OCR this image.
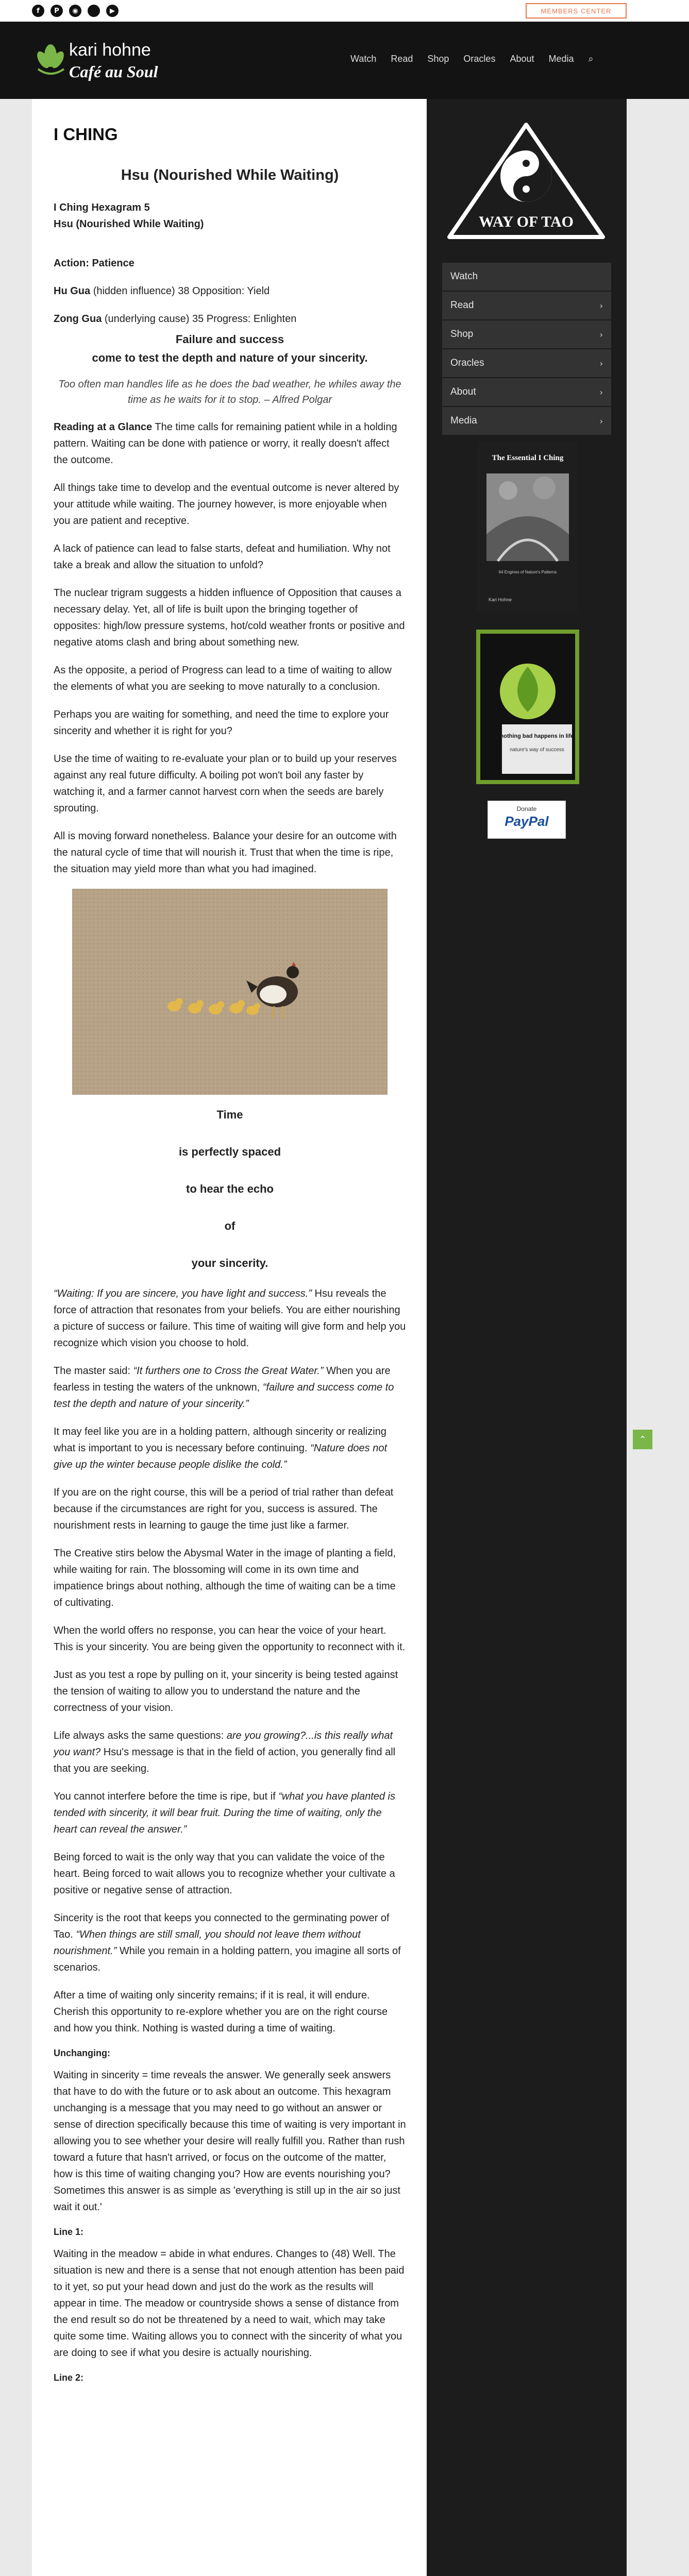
f	P	◉	▶	MEMBERS CENTER
kari hohne
Café au Soul
Watch Read Shop Oracles About Media ⌕
I CHING
Hsu (Nourished While Waiting)
I Ching Hexagram 5
Hsu (Nourished While Waiting)

Action: Patience

Hu Gua (hidden influence) 38 Opposition: Yield

Zong Gua (underlying cause) 35 Progress: Enlighten

Failure and success
come to test the depth and nature of your sincerity.
Too often man handles life as he does the bad weather, he whiles away the time as he waits for it to stop. – Alfred Polgar

Reading at a Glance The time calls for remaining patient while in a holding pattern. Waiting can be done with patience or worry, it really doesn't affect the outcome.

All things take time to develop and the eventual outcome is never altered by your attitude while waiting. The journey however, is more enjoyable when you are patient and receptive.

A lack of patience can lead to false starts, defeat and humiliation. Why not take a break and allow the situation to unfold?

The nuclear trigram suggests a hidden influence of Opposition that causes a necessary delay. Yet, all of life is built upon the bringing together of opposites: high/low pressure systems, hot/cold weather fronts or positive and negative atoms clash and bring about something new.

As the opposite, a period of Progress can lead to a time of waiting to allow the elements of what you are seeking to move naturally to a conclusion.

Perhaps you are waiting for something, and need the time to explore your sincerity and whether it is right for you?

Use the time of waiting to re-evaluate your plan or to build up your reserves against any real future difficulty. A boiling pot won't boil any faster by watching it, and a farmer cannot harvest corn when the seeds are barely sprouting.

All is moving forward nonetheless. Balance your desire for an outcome with the natural cycle of time that will nourish it. Trust that when the time is ripe, the situation may yield more than what you had imagined.

Time
is perfectly spaced
to hear the echo
of
your sincerity.

“Waiting: If you are sincere, you have light and success.” Hsu reveals the force of attraction that resonates from your beliefs. You are either nourishing a picture of success or failure. This time of waiting will give form and help you recognize which vision you choose to hold.

The master said: “It furthers one to Cross the Great Water.” When you are fearless in testing the waters of the unknown, “failure and success come to test the depth and nature of your sincerity.”

It may feel like you are in a holding pattern, although sincerity or realizing what is important to you is necessary before continuing. “Nature does not give up the winter because people dislike the cold.”

If you are on the right course, this will be a period of trial rather than defeat because if the circumstances are right for you, success is assured. The nourishment rests in learning to gauge the time just like a farmer.

The Creative stirs below the Abysmal Water in the image of planting a field, while waiting for rain. The blossoming will come in its own time and impatience brings about nothing, although the time of waiting can be a time of cultivating.

When the world offers no response, you can hear the voice of your heart. This is your sincerity. You are being given the opportunity to reconnect with it.

Just as you test a rope by pulling on it, your sincerity is being tested against the tension of waiting to allow you to understand the nature and the correctness of your vision.

Life always asks the same questions: are you growing?...is this really what you want? Hsu's message is that in the field of action, you generally find all that you are seeking.

You cannot interfere before the time is ripe, but if “what you have planted is tended with sincerity, it will bear fruit. During the time of waiting, only the heart can reveal the answer.”

Being forced to wait is the only way that you can validate the voice of the heart. Being forced to wait allows you to recognize whether your cultivate a positive or negative sense of attraction.

Sincerity is the root that keeps you connected to the germinating power of Tao. “When things are still small, you should not leave them without nourishment.” While you remain in a holding pattern, you imagine all sorts of scenarios.

After a time of waiting only sincerity remains; if it is real, it will endure. Cherish this opportunity to re-explore whether you are on the right course and how you think. Nothing is wasted during a time of waiting.

Unchanging:

Waiting in sincerity = time reveals the answer. We generally seek answers that have to do with the future or to ask about an outcome. This hexagram unchanging is a message that you may need to go without an answer or sense of direction specifically because this time of waiting is very important in allowing you to see whether your desire will really fulfill you. Rather than rush toward a future that hasn't arrived, or focus on the outcome of the matter, how is this time of waiting changing you? How are events nourishing you? Sometimes this answer is as simple as 'everything is still up in the air so just wait it out.'

Line 1:

Waiting in the meadow = abide in what endures. Changes to (48) Well. The situation is new and there is a sense that not enough attention has been paid to it yet, so put your head down and just do the work as the results will appear in time. The meadow or countryside shows a sense of distance from the end result so do not be threatened by a need to wait, which may take quite some time. Waiting allows you to connect with the sincerity of what you are doing to see if what you desire is actually nourishing.

Line 2:
WAY OF TAO
Watch
Read	›
Shop	›
Oracles	›
About	›
Media	›
The Essential I Ching
64 Engines of Nature's Patterns
Kari Hohne
nothing bad happens in life
nature's way of success
Donate
PayPal
⌃
